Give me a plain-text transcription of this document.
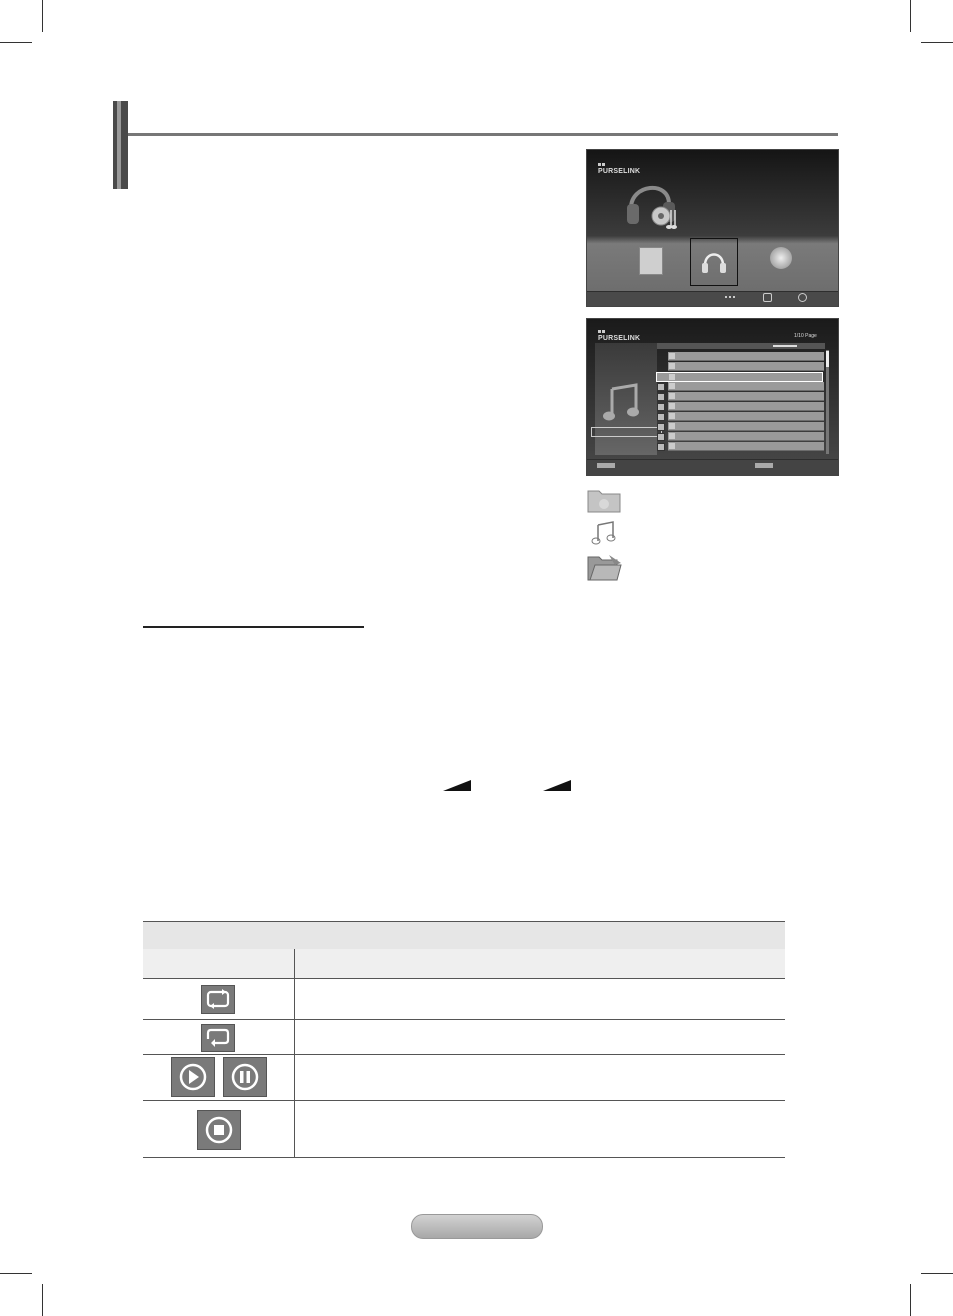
PURSELINK

PURSELINK	1/10 Page
